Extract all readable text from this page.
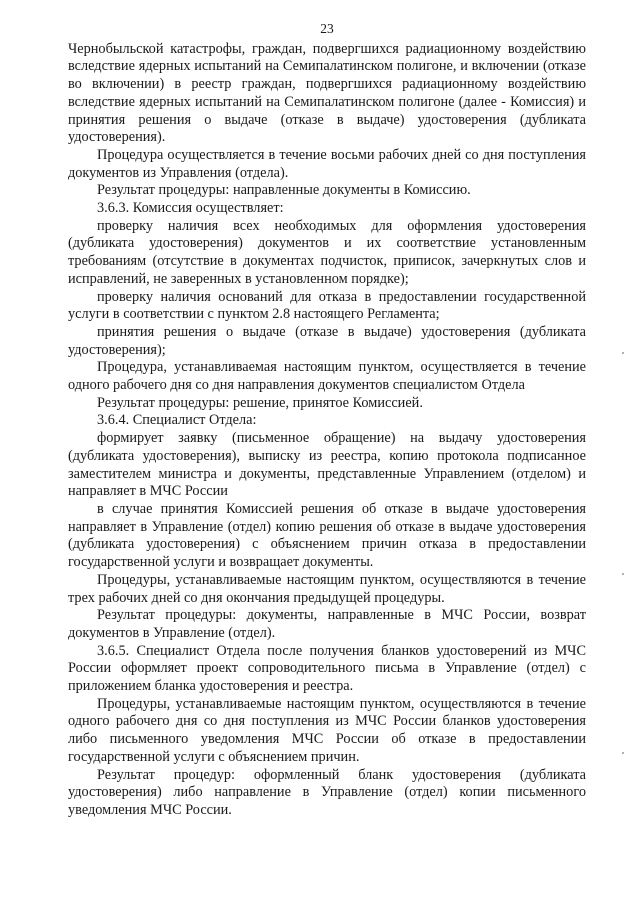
23

Чернобыльской катастрофы, граждан, подвергшихся радиационному воздействию вследствие ядерных испытаний на Семипалатинском полигоне, и включении (отказе во включении) в реестр граждан, подвергшихся радиационному воздействию вследствие ядерных испытаний на Семипалатинском полигоне (далее - Комиссия) и принятия решения о выдаче (отказе в выдаче) удостоверения (дубликата удостоверения).

Процедура осуществляется в течение восьми рабочих дней со дня поступления документов из Управления (отдела).

Результат процедуры: направленные документы в Комиссию.

3.6.3. Комиссия осуществляет:

проверку наличия всех необходимых для оформления удостоверения (дубликата удостоверения) документов и их соответствие установленным требованиям (отсутствие в документах подчисток, приписок, зачеркнутых слов и исправлений, не заверенных в установленном порядке);

проверку наличия оснований для отказа в предоставлении государственной услуги в соответствии с пунктом 2.8 настоящего Регламента;

принятия решения о выдаче (отказе в выдаче) удостоверения (дубликата удостоверения);

Процедура, устанавливаемая настоящим пунктом, осуществляется в течение одного рабочего дня со дня направления документов специалистом Отдела

Результат процедуры: решение, принятое Комиссией.

3.6.4. Специалист Отдела:

формирует заявку (письменное обращение) на выдачу удостоверения (дубликата удостоверения), выписку из реестра, копию протокола подписанное заместителем министра и документы, представленные Управлением (отделом) и направляет в МЧС России

в случае принятия Комиссией решения об отказе в выдаче удостоверения направляет в Управление (отдел) копию решения об отказе в выдаче удостоверения (дубликата удостоверения) с объяснением причин отказа в предоставлении государственной услуги и возвращает документы.

Процедуры, устанавливаемые настоящим пунктом, осуществляются в течение трех рабочих дней со дня окончания предыдущей процедуры.

Результат процедуры: документы, направленные в МЧС России, возврат документов в Управление (отдел).

3.6.5. Специалист Отдела после получения бланков удостоверений из МЧС России оформляет проект сопроводительного письма в Управление (отдел) с приложением бланка удостоверения и реестра.

Процедуры, устанавливаемые настоящим пунктом, осуществляются в течение одного рабочего дня со дня поступления из МЧС России бланков удостоверения либо письменного уведомления МЧС России об отказе в предоставлении государственной услуги с объяснением причин.

Результат процедур: оформленный бланк удостоверения (дубликата удостоверения) либо направление в Управление (отдел) копии письменного уведомления МЧС России.
